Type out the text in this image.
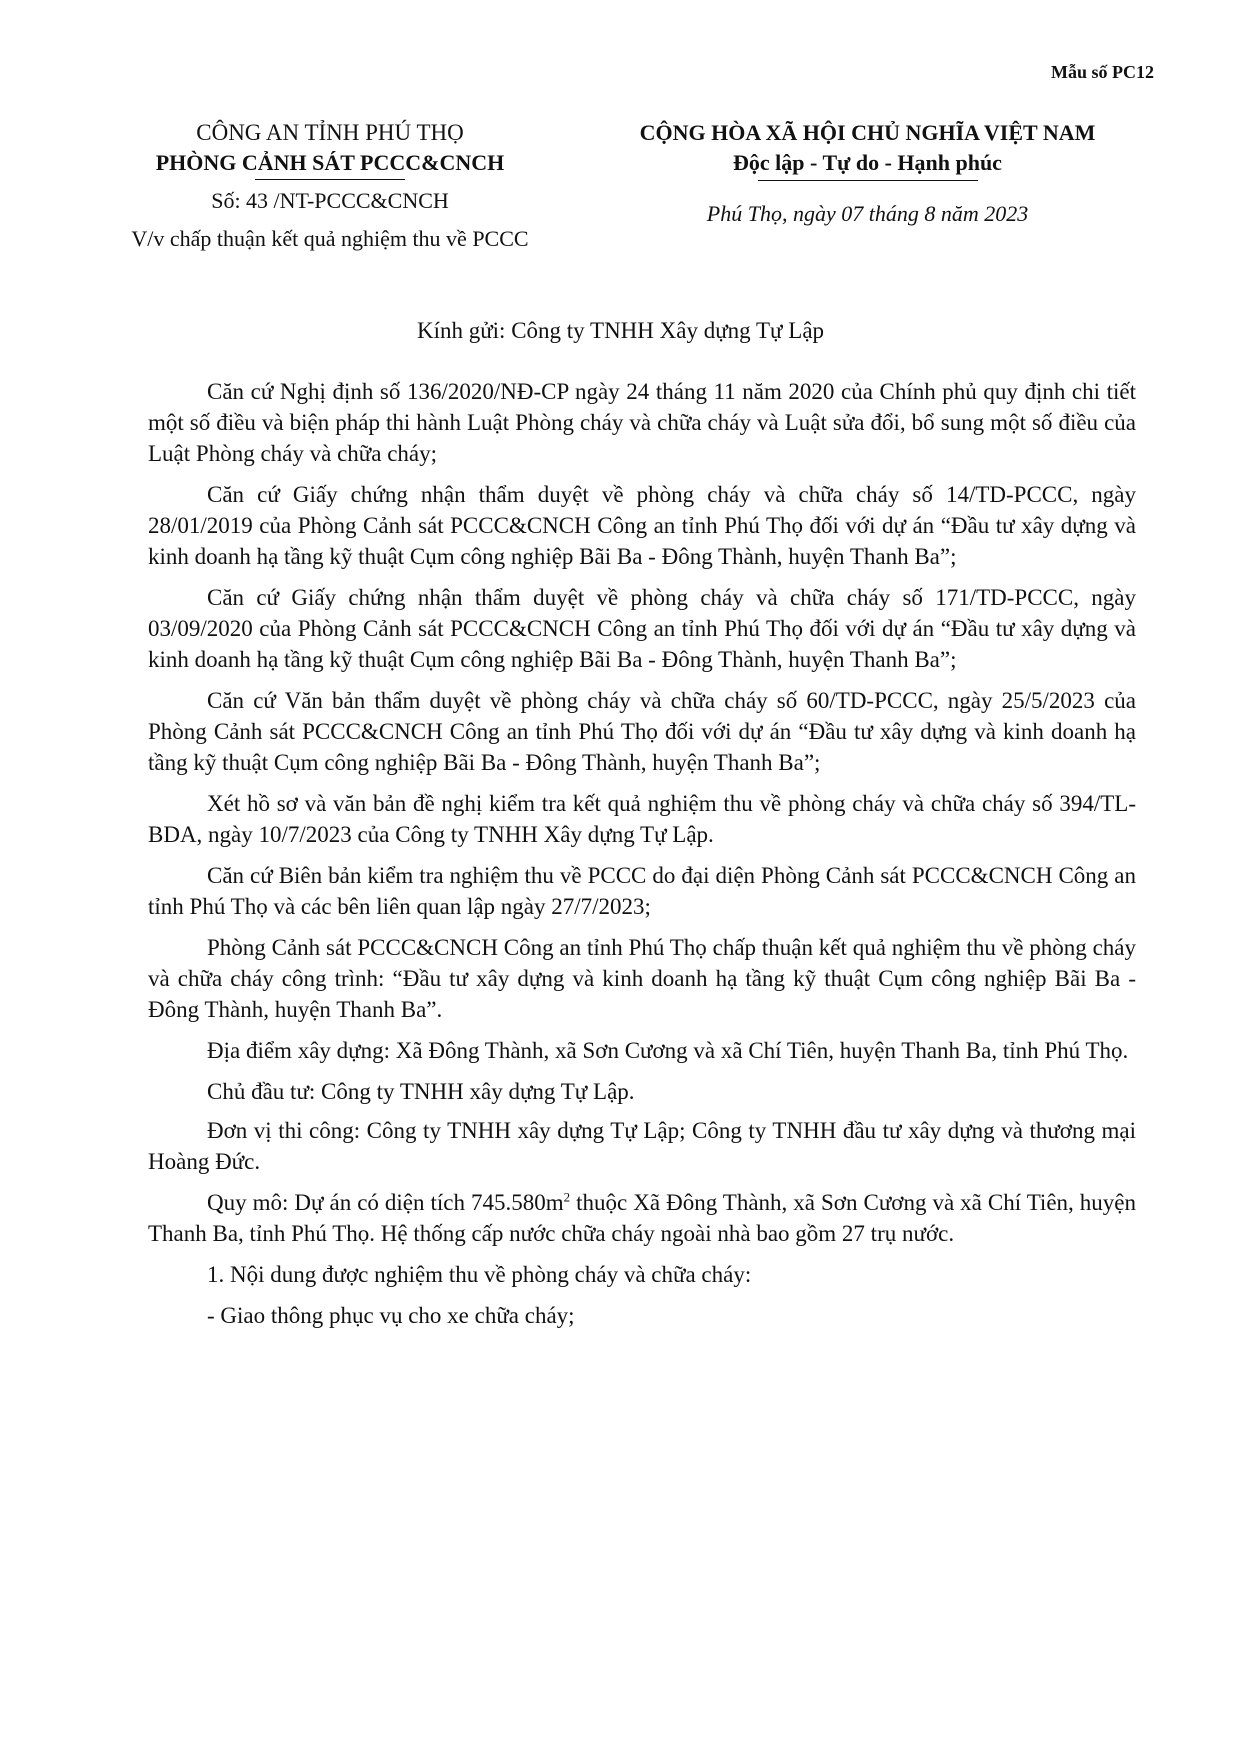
Mẫu số PC12
CÔNG AN TỈNH PHÚ THỌ
PHÒNG CẢNH SÁT PCCC&CNCH
Số: 43 /NT-PCCC&CNCH
V/v chấp thuận kết quả nghiệm thu về PCCC
CỘNG HÒA XÃ HỘI CHỦ NGHĨA VIỆT NAM
Độc lập - Tự do - Hạnh phúc
Phú Thọ, ngày 07 tháng 8 năm 2023
Kính gửi: Công ty TNHH Xây dựng Tự Lập

Căn cứ Nghị định số 136/2020/NĐ-CP ngày 24 tháng 11 năm 2020 của Chính phủ quy định chi tiết một số điều và biện pháp thi hành Luật Phòng cháy và chữa cháy và Luật sửa đổi, bổ sung một số điều của Luật Phòng cháy và chữa cháy;

Căn cứ Giấy chứng nhận thẩm duyệt về phòng cháy và chữa cháy số 14/TD-PCCC, ngày 28/01/2019 của Phòng Cảnh sát PCCC&CNCH Công an tỉnh Phú Thọ đối với dự án “Đầu tư xây dựng và kinh doanh hạ tầng kỹ thuật Cụm công nghiệp Bãi Ba - Đông Thành, huyện Thanh Ba”;

Căn cứ Giấy chứng nhận thẩm duyệt về phòng cháy và chữa cháy số 171/TD-PCCC, ngày 03/09/2020 của Phòng Cảnh sát PCCC&CNCH Công an tỉnh Phú Thọ đối với dự án “Đầu tư xây dựng và kinh doanh hạ tầng kỹ thuật Cụm công nghiệp Bãi Ba - Đông Thành, huyện Thanh Ba”;

Căn cứ Văn bản thẩm duyệt về phòng cháy và chữa cháy số 60/TD-PCCC, ngày 25/5/2023 của Phòng Cảnh sát PCCC&CNCH Công an tỉnh Phú Thọ đối với dự án “Đầu tư xây dựng và kinh doanh hạ tầng kỹ thuật Cụm công nghiệp Bãi Ba - Đông Thành, huyện Thanh Ba”;

Xét hồ sơ và văn bản đề nghị kiểm tra kết quả nghiệm thu về phòng cháy và chữa cháy số 394/TL-BDA, ngày 10/7/2023 của Công ty TNHH Xây dựng Tự Lập.

Căn cứ Biên bản kiểm tra nghiệm thu về PCCC do đại diện Phòng Cảnh sát PCCC&CNCH Công an tỉnh Phú Thọ và các bên liên quan lập ngày 27/7/2023;

Phòng Cảnh sát PCCC&CNCH Công an tỉnh Phú Thọ chấp thuận kết quả nghiệm thu về phòng cháy và chữa cháy công trình: “Đầu tư xây dựng và kinh doanh hạ tầng kỹ thuật Cụm công nghiệp Bãi Ba - Đông Thành, huyện Thanh Ba”.

Địa điểm xây dựng: Xã Đông Thành, xã Sơn Cương và xã Chí Tiên, huyện Thanh Ba, tỉnh Phú Thọ.

Chủ đầu tư: Công ty TNHH xây dựng Tự Lập.

Đơn vị thi công: Công ty TNHH xây dựng Tự Lập; Công ty TNHH đầu tư xây dựng và thương mại Hoàng Đức.

Quy mô: Dự án có diện tích $745.580m^2$ thuộc Xã Đông Thành, xã Sơn Cương và xã Chí Tiên, huyện Thanh Ba, tỉnh Phú Thọ. Hệ thống cấp nước chữa cháy ngoài nhà bao gồm 27 trụ nước.

1. Nội dung được nghiệm thu về phòng cháy và chữa cháy:

- Giao thông phục vụ cho xe chữa cháy;
